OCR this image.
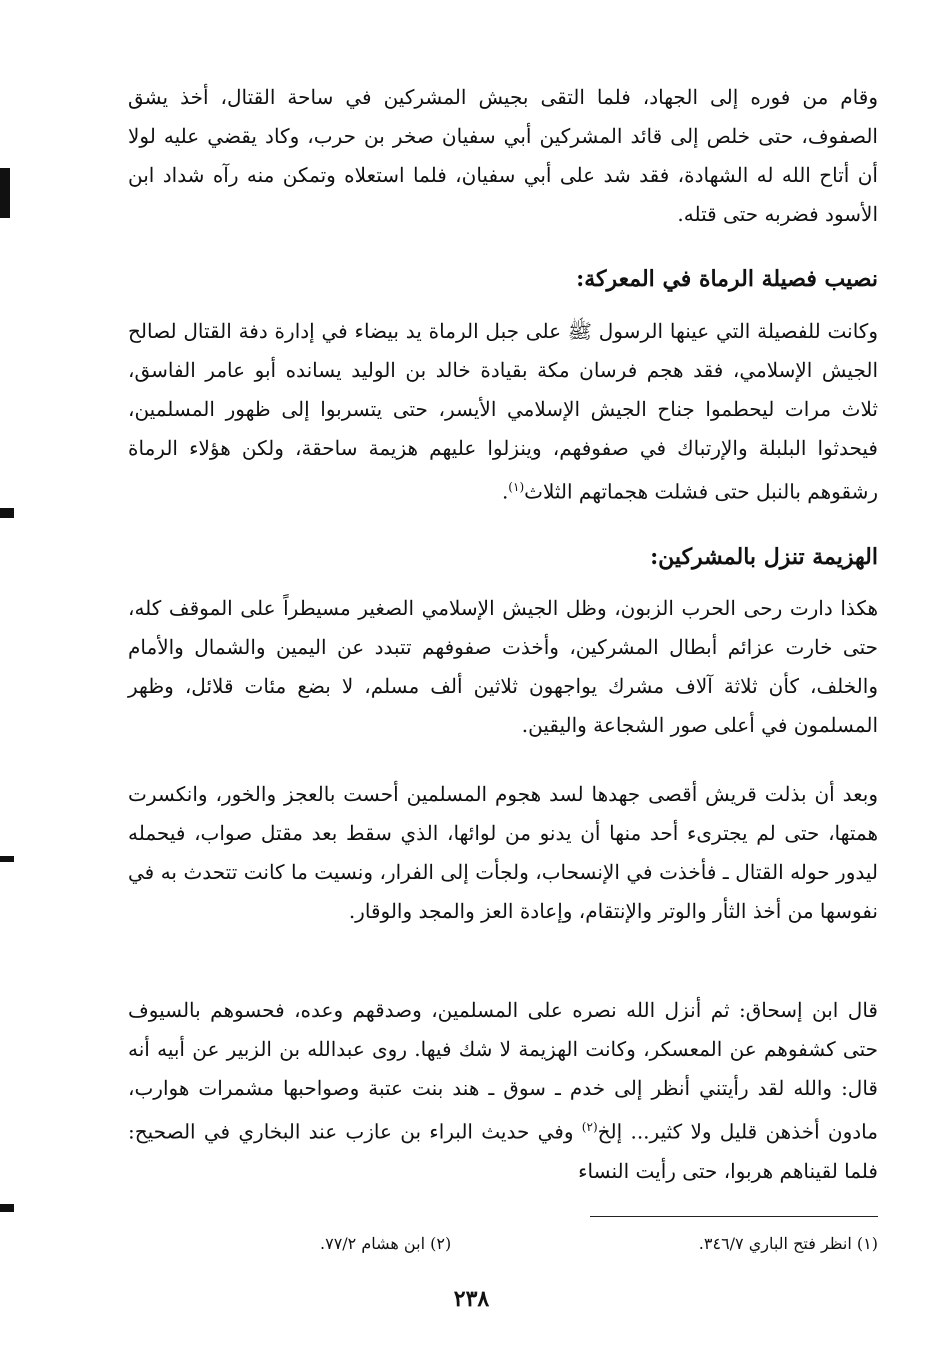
وقام من فوره إلى الجهاد، فلما التقى بجيش المشركين في ساحة القتال، أخذ يشق الصفوف، حتى خلص إلى قائد المشركين أبي سفيان صخر بن حرب، وكاد يقضي عليه لولا أن أتاح الله له الشهادة، فقد شد على أبي سفيان، فلما استعلاه وتمكن منه رآه شداد ابن الأسود فضربه حتى قتله.

نصيب فصيلة الرماة في المعركة:

وكانت للفصيلة التي عينها الرسول ﷺ على جبل الرماة يد بيضاء في إدارة دفة القتال لصالح الجيش الإسلامي، فقد هجم فرسان مكة بقيادة خالد بن الوليد يسانده أبو عامر الفاسق، ثلاث مرات ليحطموا جناح الجيش الإسلامي الأيسر، حتى يتسربوا إلى ظهور المسلمين، فيحدثوا البلبلة والإرتباك في صفوفهم، وينزلوا عليهم هزيمة ساحقة، ولكن هؤلاء الرماة رشقوهم بالنبل حتى فشلت هجماتهم الثلاث$^{(١)}$.

الهزيمة تنزل بالمشركين:

هكذا دارت رحى الحرب الزبون، وظل الجيش الإسلامي الصغير مسيطراً على الموقف كله، حتى خارت عزائم أبطال المشركين، وأخذت صفوفهم تتبدد عن اليمين والشمال والأمام والخلف، كأن ثلاثة آلاف مشرك يواجهون ثلاثين ألف مسلم، لا بضع مئات قلائل، وظهر المسلمون في أعلى صور الشجاعة واليقين.

وبعد أن بذلت قريش أقصى جهدها لسد هجوم المسلمين أحست بالعجز والخور، وانكسرت همتها، حتى لم يجترىء أحد منها أن يدنو من لوائها، الذي سقط بعد مقتل صواب، فيحمله ليدور حوله القتال ـ فأخذت في الإنسحاب، ولجأت إلى الفرار، ونسيت ما كانت تتحدث به في نفوسها من أخذ الثأر والوتر والإنتقام، وإعادة العز والمجد والوقار.

قال ابن إسحاق: ثم أنزل الله نصره على المسلمين، وصدقهم وعده، فحسوهم بالسيوف حتى كشفوهم عن المعسكر، وكانت الهزيمة لا شك فيها. روى عبدالله بن الزبير عن أبيه أنه قال: والله لقد رأيتني أنظر إلى خدم ـ سوق ـ هند بنت عتبة وصواحبها مشمرات هوارب، مادون أخذهن قليل ولا كثير... إلخ$^{(٢)}$ وفي حديث البراء بن عازب عند البخاري في الصحيح: فلما لقيناهم هربوا، حتى رأيت النساء

(١) انظر فتح الباري ٣٤٦/٧.
(٢) ابن هشام ٧٧/٢.
٢٣٨
